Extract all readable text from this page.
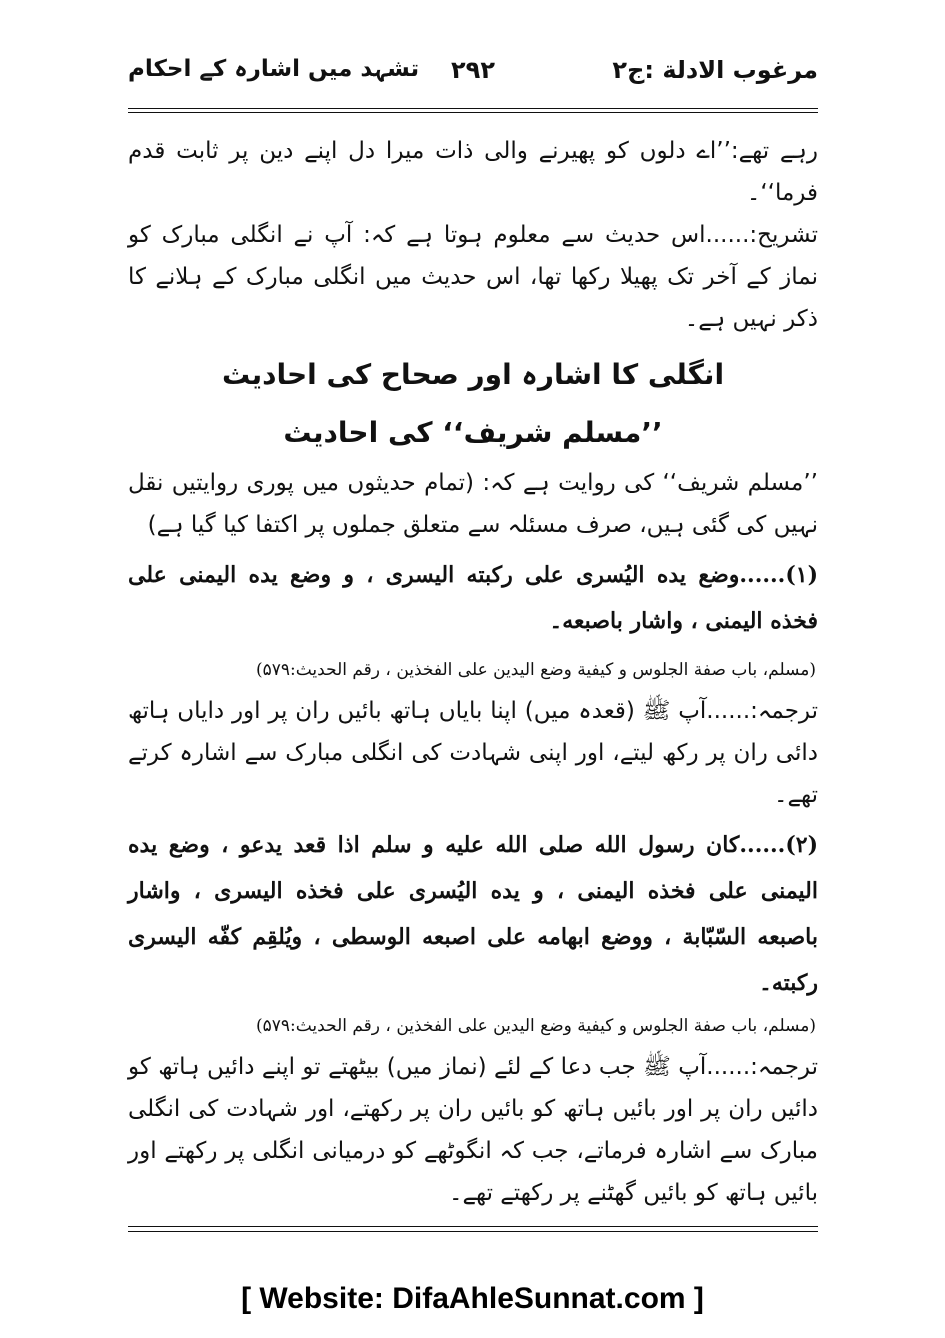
مرغوب الادلة :ج۲
۲۹۲
تشہد میں اشارہ کے احکام

رہے تھے:’’اے دلوں کو پھیرنے والی ذات میرا دل اپنے دین پر ثابت قدم فرما‘‘۔

تشریح:......اس حدیث سے معلوم ہوتا ہے کہ: آپ نے انگلی مبارک کو نماز کے آخر تک پھیلا رکھا تھا، اس حدیث میں انگلی مبارک کے ہلانے کا ذکر نہیں ہے۔

انگلی کا اشارہ اور صحاح کی احادیث

’’مسلم شریف‘‘ کی احادیث

’’مسلم شریف‘‘ کی روایت ہے کہ: (تمام حدیثوں میں پوری روایتیں نقل نہیں کی گئی ہیں، صرف مسئلہ سے متعلق جملوں پر اکتفا کیا گیا ہے)

(۱)......وضع یده الیُسری علی رکبته الیسری ، و وضع یده الیمنی علی فخذه الیمنی ، واشار باصبعه۔

(مسلم، باب صفة الجلوس و کیفیة وضع الیدین علی الفخذین ، رقم الحدیث:۵۷۹)

ترجمہ:......آپ ﷺ (قعدہ میں) اپنا بایاں ہاتھ بائیں ران پر اور دایاں ہاتھ دائی ران پر رکھ لیتے، اور اپنی شہادت کی انگلی مبارک سے اشارہ کرتے تھے۔

(۲)......کان رسول الله صلی الله علیه و سلم اذا قعد یدعو ، وضع یده الیمنی علی فخذه الیمنی ، و یده الیُسری علی فخذه الیسری ، واشار باصبعه السّبّابة ، ووضع ابهامه علی اصبعه الوسطی ، ویُلقِم کفّه الیسری رکبته۔

(مسلم، باب صفة الجلوس و کیفیة وضع الیدین علی الفخذین ، رقم الحدیث:۵۷۹)

ترجمہ:......آپ ﷺ جب دعا کے لئے (نماز میں) بیٹھتے تو اپنے دائیں ہاتھ کو دائیں ران پر اور بائیں ہاتھ کو بائیں ران پر رکھتے، اور شہادت کی انگلی مبارک سے اشارہ فرماتے، جب کہ انگوٹھے کو درمیانی انگلی پر رکھتے اور بائیں ہاتھ کو بائیں گھٹنے پر رکھتے تھے۔

[ Website: DifaAhleSunnat.com ]
